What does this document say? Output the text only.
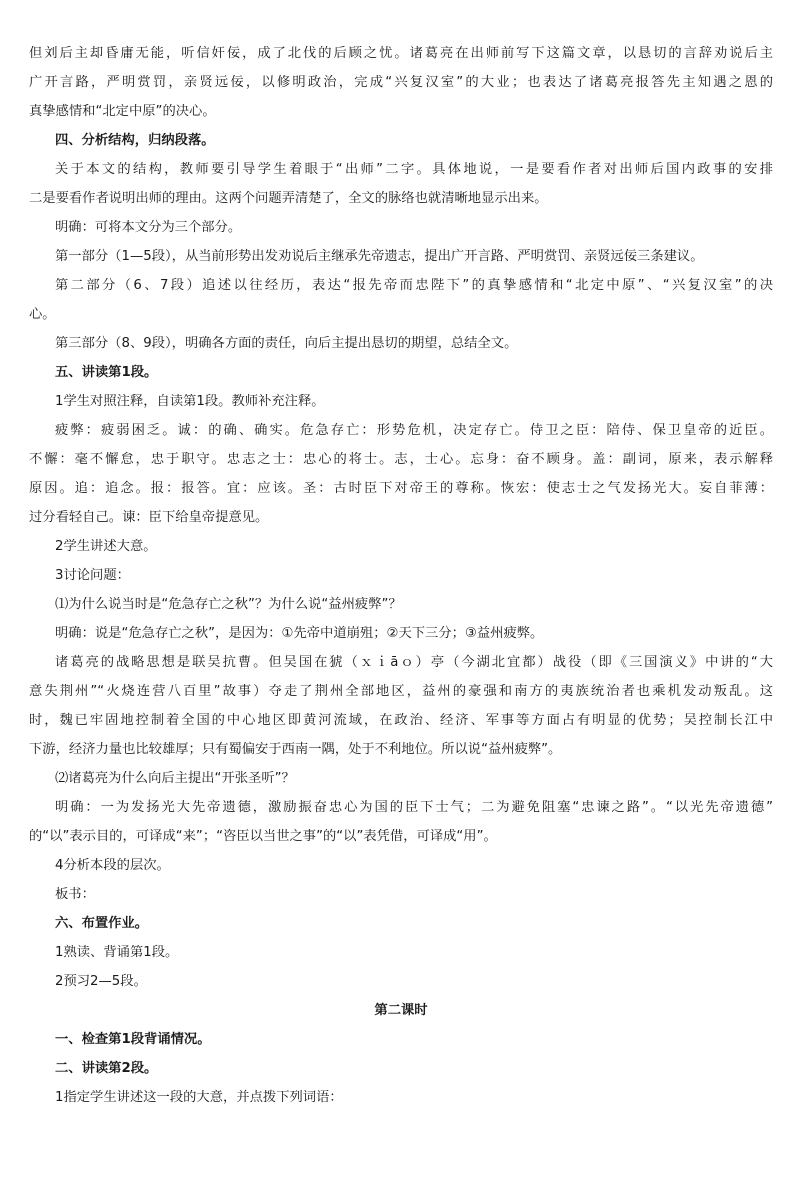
但刘后主却昏庸无能，听信奸佞，成了北伐的后顾之忧。诸葛亮在出师前写下这篇文章，以恳切的言辞劝说后主
广开言路，严明赏罚，亲贤远佞，以修明政治，完成“兴复汉室”的大业；也表达了诸葛亮报答先主知遇之恩的
真挚感情和“北定中原”的决心。
四、分析结构，归纳段落。
关于本文的结构，教师要引导学生着眼于“出师”二字。具体地说，一是要看作者对出师后国内政事的安排
二是要看作者说明出师的理由。这两个问题弄清楚了，全文的脉络也就清晰地显示出来。
明确：可将本文分为三个部分。
第一部分（1—5段），从当前形势出发劝说后主继承先帝遗志，提出广开言路、严明赏罚、亲贤远佞三条建议。
第二部分（6、7段）追述以往经历，表达“报先帝而忠陛下”的真挚感情和“北定中原”、“兴复汉室”的决
心。
第三部分（8、9段），明确各方面的责任，向后主提出恳切的期望，总结全文。
五、讲读第1段。
1学生对照注释，自读第1段。教师补充注释。
疲弊：疲弱困乏。诚：的确、确实。危急存亡：形势危机，决定存亡。侍卫之臣：陪侍、保卫皇帝的近臣。
不懈：毫不懈怠，忠于职守。忠志之士：忠心的将士。志，士心。忘身：奋不顾身。盖：副词，原来，表示解释
原因。追：追念。报：报答。宜：应该。圣：古时臣下对帝王的尊称。恢宏：使志士之气发扬光大。妄自菲薄：
过分看轻自己。谏：臣下给皇帝提意见。
2学生讲述大意。
3讨论问题：
⑴为什么说当时是“危急存亡之秋”？为什么说“益州疲弊”？
明确：说是“危急存亡之秋”，是因为：①先帝中道崩殂；②天下三分；③益州疲弊。
诸葛亮的战略思想是联吴抗曹。但吴国在猇（ｘｉāｏ）亭（今湖北宜都）战役（即《三国演义》中讲的“大
意失荆州”“火烧连营八百里”故事）夺走了荆州全部地区，益州的豪强和南方的夷族统治者也乘机发动叛乱。这
时，魏已牢固地控制着全国的中心地区即黄河流域，在政治、经济、军事等方面占有明显的优势；吴控制长江中
下游，经济力量也比较雄厚；只有蜀偏安于西南一隅，处于不利地位。所以说“益州疲弊”。
⑵诸葛亮为什么向后主提出“开张圣听”？
明确：一为发扬光大先帝遗德，激励振奋忠心为国的臣下士气；二为避免阻塞“忠谏之路”。“以光先帝遗德”
的“以”表示目的，可译成“来”；“咨臣以当世之事”的“以”表凭借，可译成“用”。
4分析本段的层次。
板书：
六、布置作业。
1熟读、背诵第1段。
2预习2—5段。
第二课时
一、检查第1段背诵情况。
二、讲读第2段。
1指定学生讲述这一段的大意，并点拨下列词语：
